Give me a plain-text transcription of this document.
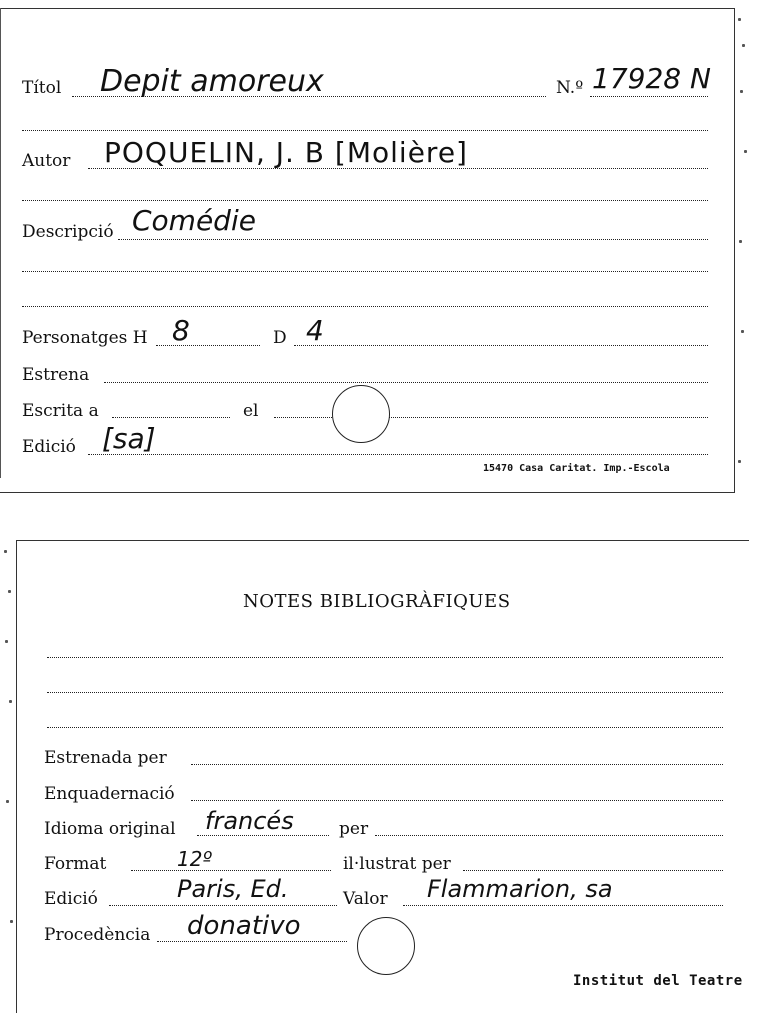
Títol Depit amoreux	N.º 17928 N
Autor POQUELIN, J. B [Molière]
Descripció Comédie
Personatges H 8	D 4
Estrena
Escrita a	el
Edició [sa]
15470 Casa Caritat. Imp.-Escola
NOTES BIBLIOGRÀFIQUES
Estrenada per
Enquadernació
Idioma original francés	per
Format	12º	il·lustrat per
Edició	Paris, Ed.	Valor Flammarion, sa
Procedència donativo
Institut del Teatre
